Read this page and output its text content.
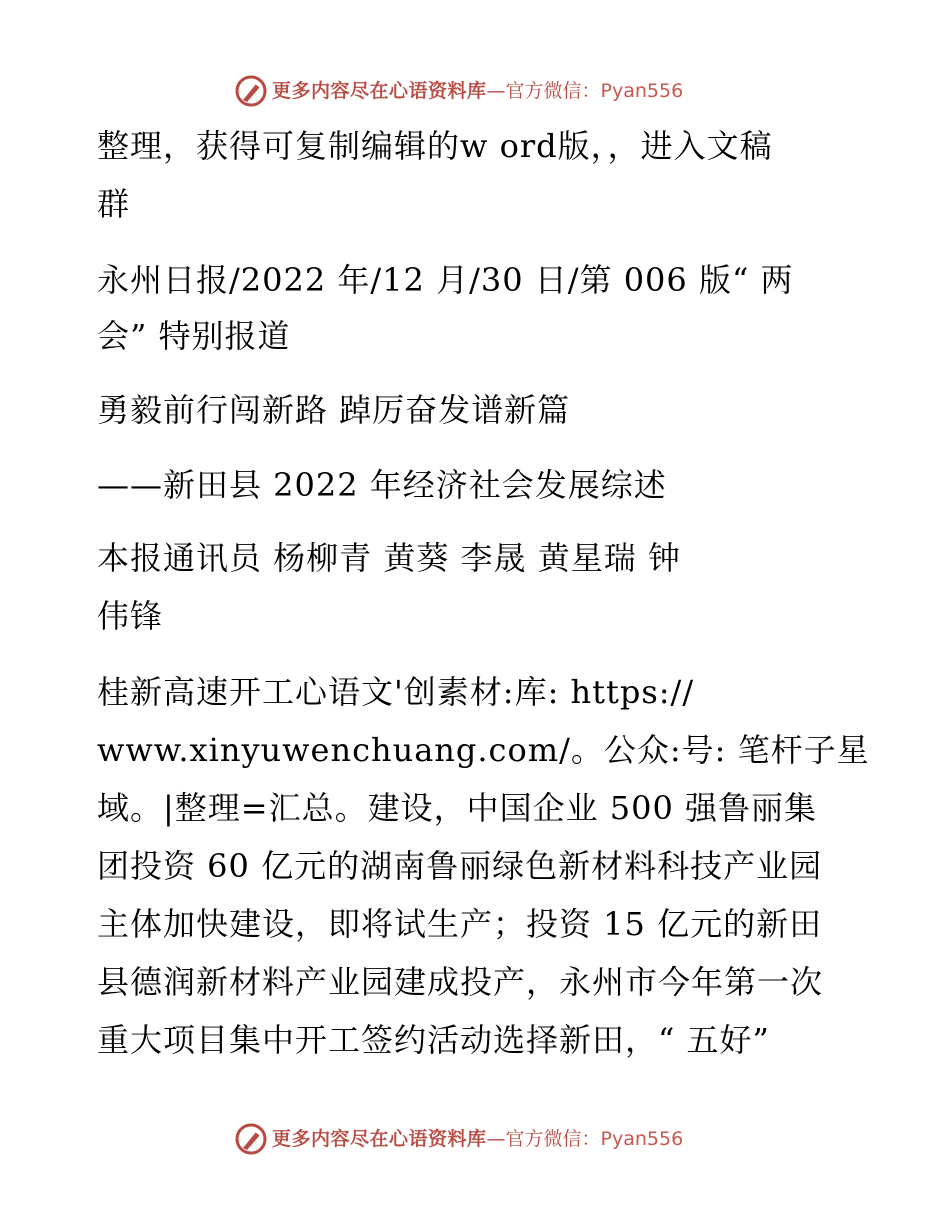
更多内容尽在心语资料库—官方微信：Pyan556
整理，获得可复制编辑的w ord版，，进入文稿
群
永州日报/2022 年/12 月/30 日/第 006 版“ 两
会” 特别报道
勇毅前行闯新路 踔厉奋发谱新篇
——新田县 2022 年经济社会发展综述
本报通讯员 杨柳青 黄葵 李晟 黄星瑞 钟
伟锋
桂新高速开工心语文'创素材:库: https://
www.xinyuwenchuang.com/。公众:号: 笔杆子星
域。|整理=汇总。建设，中国企业 500 强鲁丽集
团投资 60 亿元的湖南鲁丽绿色新材料科技产业园
主体加快建设，即将试生产；投资 15 亿元的新田
县德润新材料产业园建成投产，永州市今年第一次
重大项目集中开工签约活动选择新田，“ 五好”
更多内容尽在心语资料库—官方微信：Pyan556
